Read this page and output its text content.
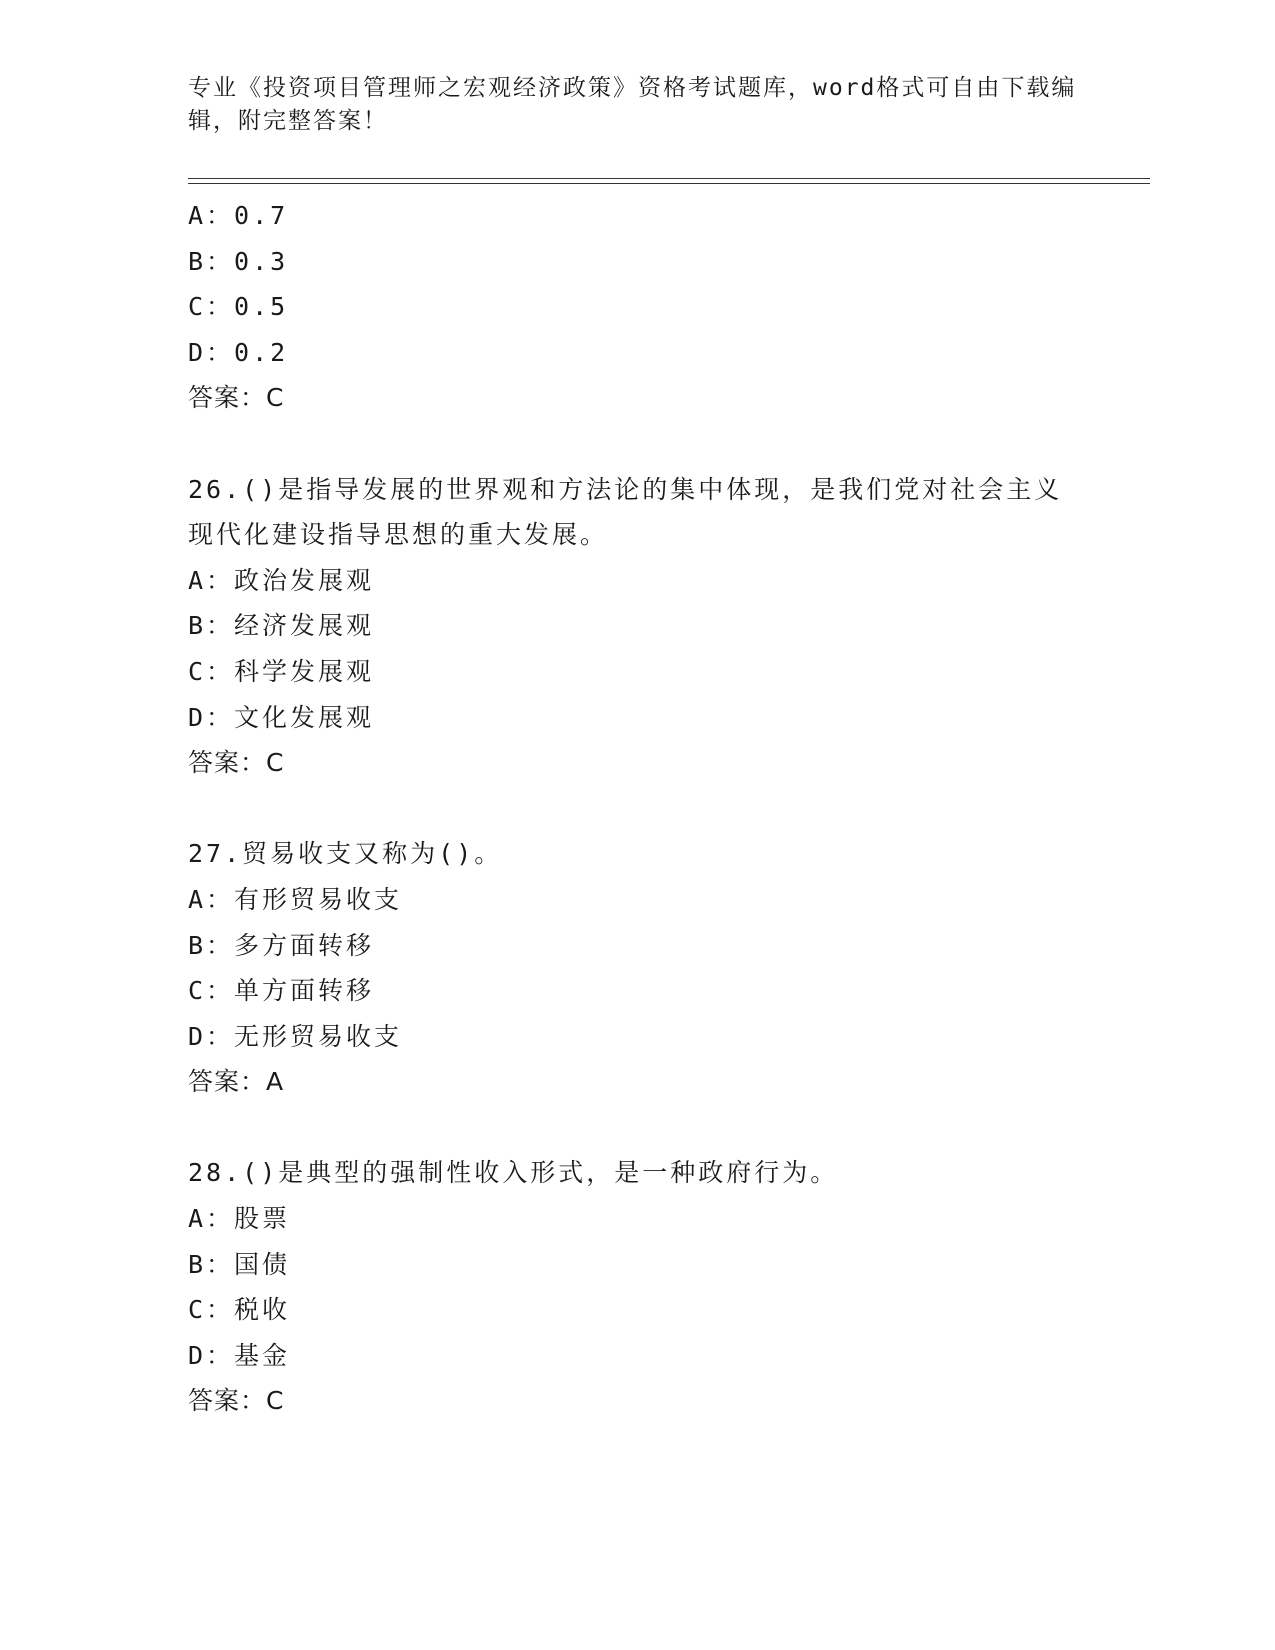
专业《投资项目管理师之宏观经济政策》资格考试题库，word格式可自由下载编
辑，附完整答案！
A：0.7
B：0.3
C：0.5
D：0.2
答案：C
26.()是指导发展的世界观和方法论的集中体现，是我们党对社会主义
现代化建设指导思想的重大发展。
A：政治发展观
B：经济发展观
C：科学发展观
D：文化发展观
答案：C
27.贸易收支又称为()。
A：有形贸易收支
B：多方面转移
C：单方面转移
D：无形贸易收支
答案：A
28.()是典型的强制性收入形式，是一种政府行为。
A：股票
B：国债
C：税收
D：基金
答案：C
